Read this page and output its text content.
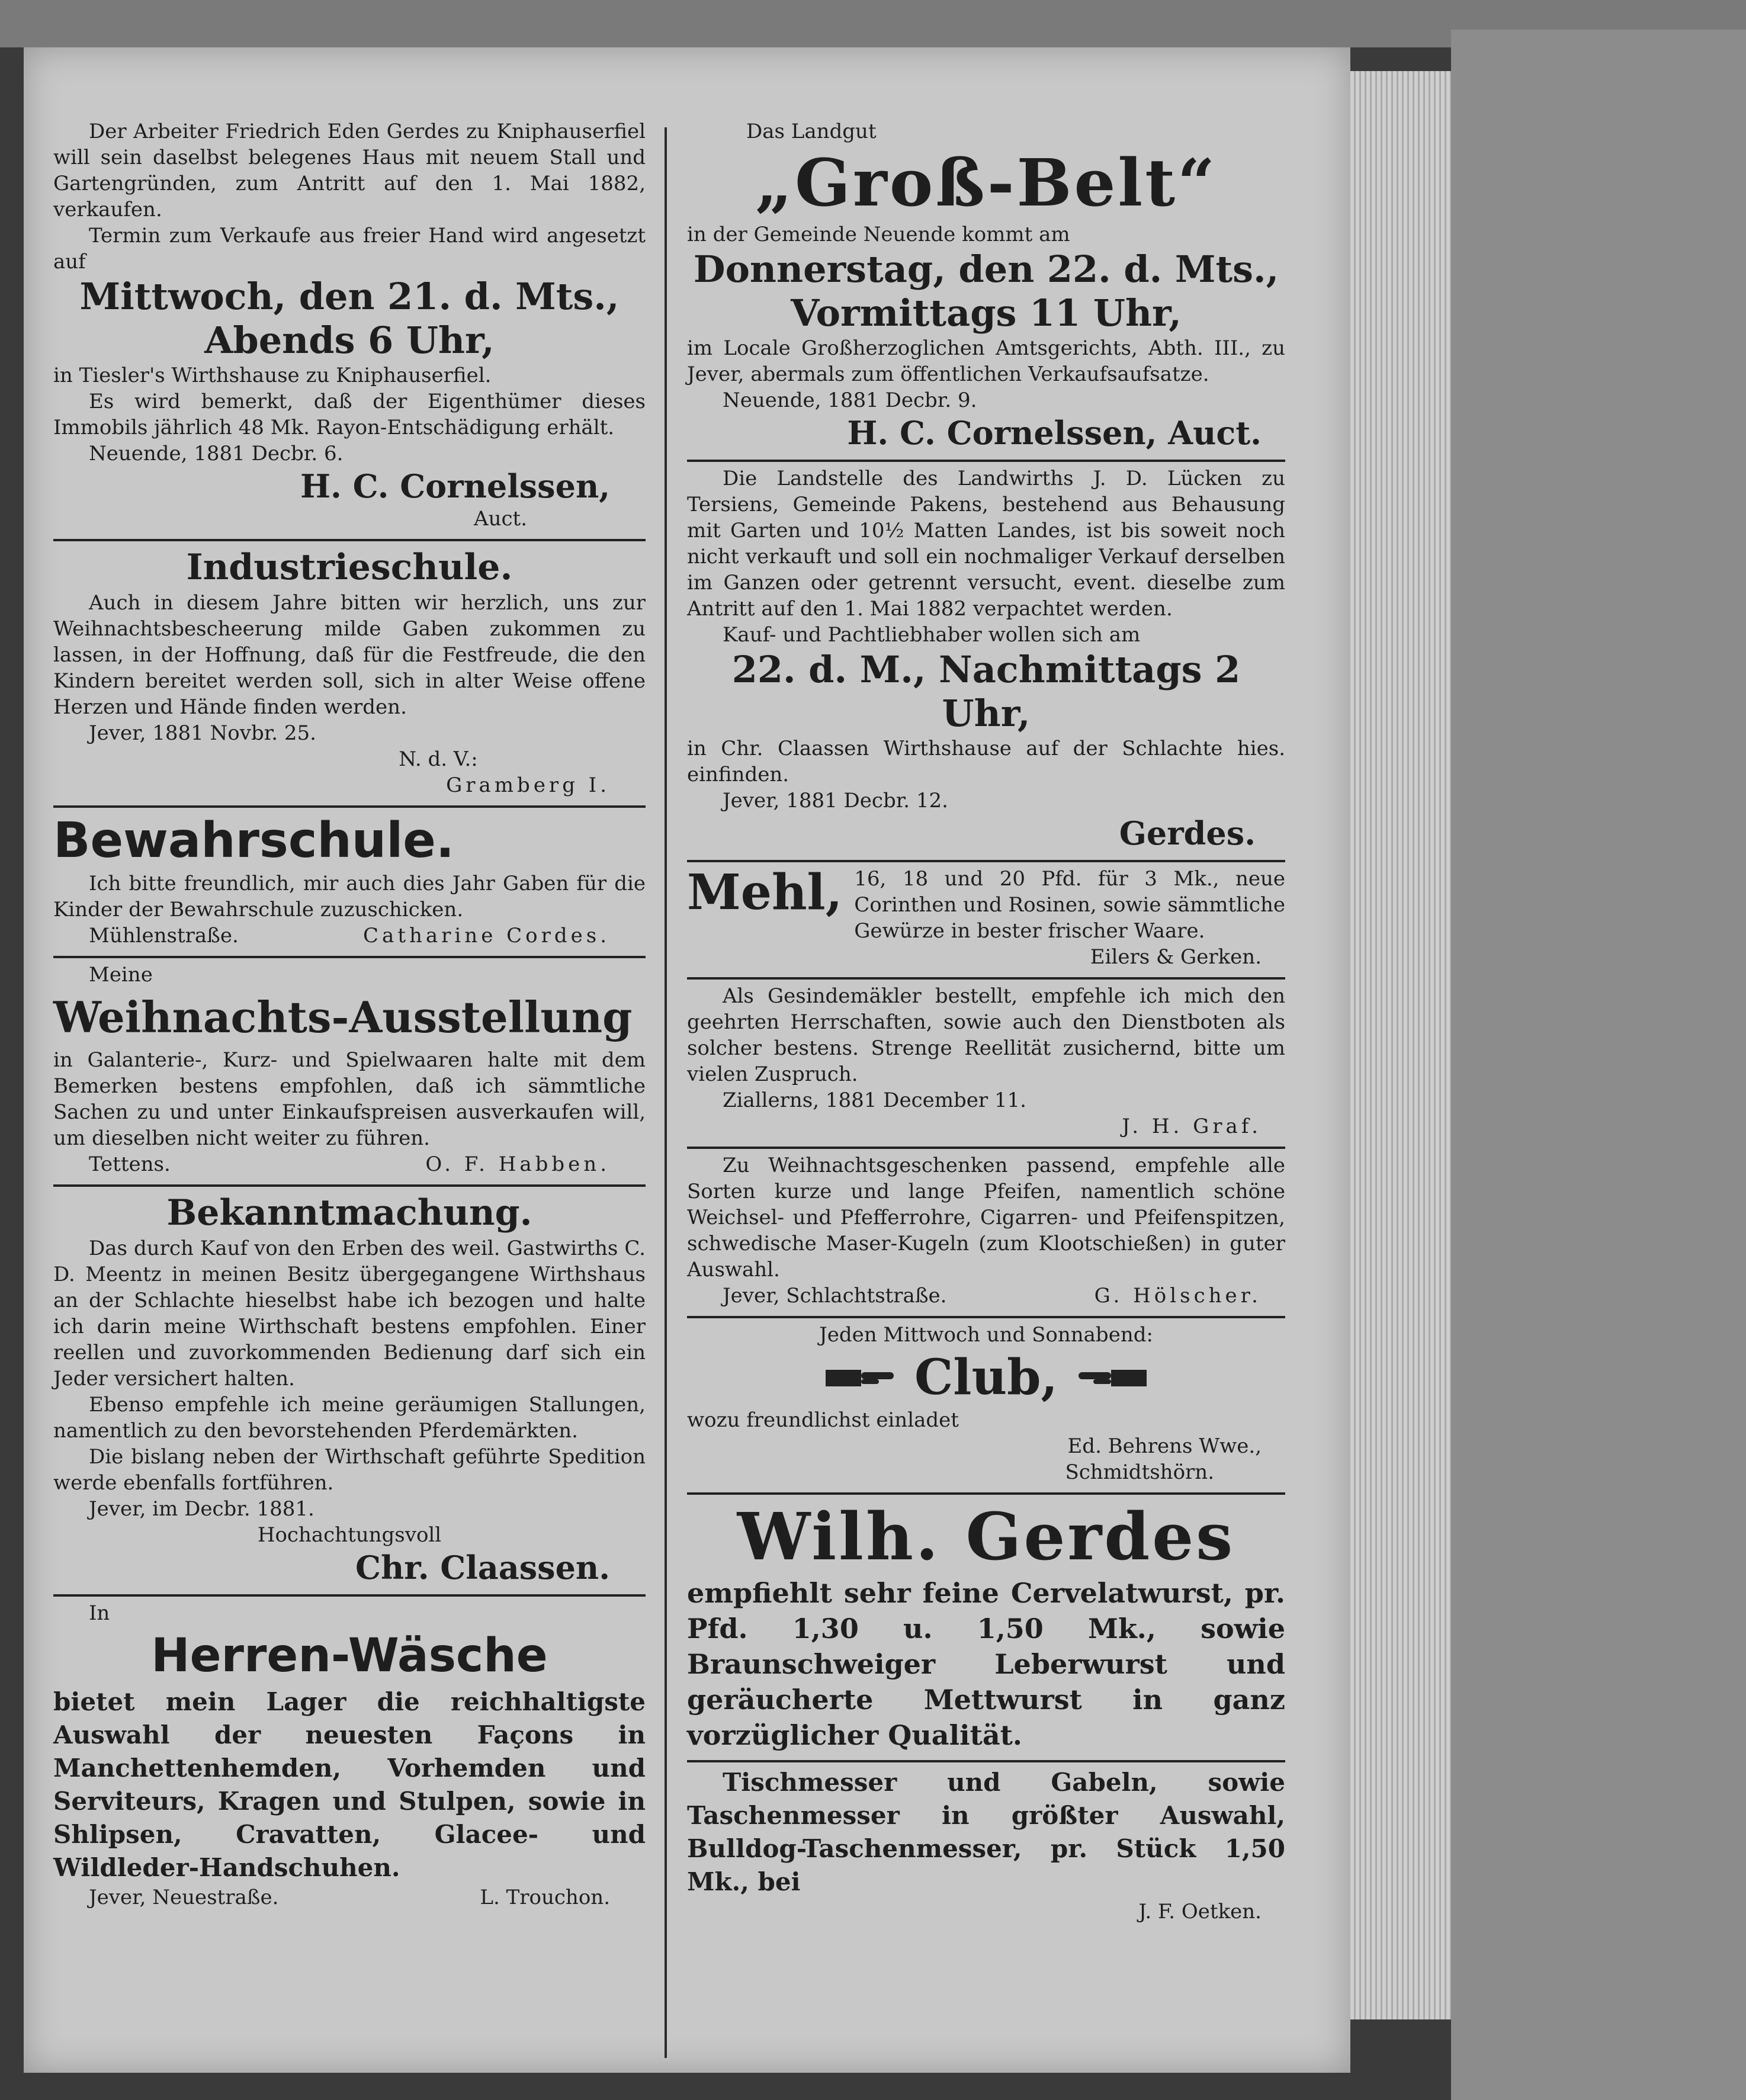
Der Arbeiter Friedrich Eden Gerdes zu Kniphauserfiel will sein daselbst belegenes Haus mit neuem Stall und Gartengründen, zum Antritt auf den 1. Mai 1882, verkaufen.

Termin zum Verkaufe aus freier Hand wird angesetzt auf

Mittwoch, den 21. d. Mts.,

Abends 6 Uhr,

in Tiesler's Wirthshause zu Kniphauserfiel.

Es wird bemerkt, daß der Eigenthümer dieses Immobils jährlich 48 Mk. Rayon-Entschädigung erhält.

Neuende, 1881 Decbr. 6.

H. C. Cornelssen,

Auct.

Industrieschule.

Auch in diesem Jahre bitten wir herzlich, uns zur Weihnachtsbescheerung milde Gaben zukommen zu lassen, in der Hoffnung, daß für die Festfreude, die den Kindern bereitet werden soll, sich in alter Weise offene Herzen und Hände finden werden.

Jever, 1881 Novbr. 25.

N. d. V.:

Gramberg I.

Bewahrschule.

Ich bitte freundlich, mir auch dies Jahr Gaben für die Kinder der Bewahrschule zuzuschicken.

Mühlenstraße.	Catharine Cordes.

Meine

Weihnachts-Ausstellung

in Galanterie-, Kurz- und Spielwaaren halte mit dem Bemerken bestens empfohlen, daß ich sämmtliche Sachen zu und unter Einkaufspreisen ausverkaufen will, um dieselben nicht weiter zu führen.

Tettens.	O. F. Habben.

Bekanntmachung.

Das durch Kauf von den Erben des weil. Gastwirths C. D. Meentz in meinen Besitz übergegangene Wirthshaus an der Schlachte hieselbst habe ich bezogen und halte ich darin meine Wirthschaft bestens empfohlen. Einer reellen und zuvorkommenden Bedienung darf sich ein Jeder versichert halten.

Ebenso empfehle ich meine geräumigen Stallungen, namentlich zu den bevorstehenden Pferdemärkten.

Die bislang neben der Wirthschaft geführte Spedition werde ebenfalls fortführen.

Jever, im Decbr. 1881.

Hochachtungsvoll

Chr. Claassen.

In

Herren-Wäsche

bietet mein Lager die reichhaltigste Auswahl der neuesten Façons in Manchettenhemden, Vorhemden und Serviteurs, Kragen und Stulpen, sowie in Shlipsen, Cravatten, Glacee- und Wildleder-Handschuhen.

Jever, Neuestraße.	L. Trouchon.

Das Landgut

„Groß-Belt“

in der Gemeinde Neuende kommt am

Donnerstag, den 22. d. Mts.,

Vormittags 11 Uhr,

im Locale Großherzoglichen Amtsgerichts, Abth. III., zu Jever, abermals zum öffentlichen Verkaufsaufsatze.

Neuende, 1881 Decbr. 9.

H. C. Cornelssen, Auct.

Die Landstelle des Landwirths J. D. Lücken zu Tersiens, Gemeinde Pakens, bestehend aus Behausung mit Garten und 10½ Matten Landes, ist bis soweit noch nicht verkauft und soll ein nochmaliger Verkauf derselben im Ganzen oder getrennt versucht, event. dieselbe zum Antritt auf den 1. Mai 1882 verpachtet werden.

Kauf- und Pachtliebhaber wollen sich am

22. d. M., Nachmittags 2 Uhr,

in Chr. Claassen Wirthshause auf der Schlachte hies. einfinden.

Jever, 1881 Decbr. 12.

Gerdes.

Mehl, 16, 18 und 20 Pfd. für 3 Mk., neue Corinthen und Rosinen, sowie sämmtliche Gewürze in bester frischer Waare.

Eilers & Gerken.

Als Gesindemäkler bestellt, empfehle ich mich den geehrten Herrschaften, sowie auch den Dienstboten als solcher bestens. Strenge Reellität zusichernd, bitte um vielen Zuspruch.

Ziallerns, 1881 December 11.

J. H. Graf.

Zu Weihnachtsgeschenken passend, empfehle alle Sorten kurze und lange Pfeifen, namentlich schöne Weichsel- und Pfefferrohre, Cigarren- und Pfeifenspitzen, schwedische Maser-Kugeln (zum Klootschießen) in guter Auswahl.

Jever, Schlachtstraße.	G. Hölscher.

Jeden Mittwoch und Sonnabend:

Club,

wozu freundlichst einladet

Ed. Behrens Wwe.,

Schmidtshörn.

Wilh. Gerdes

empfiehlt sehr feine Cervelatwurst, pr. Pfd. 1,30 u. 1,50 Mk., sowie Braunschweiger Leberwurst und geräucherte Mettwurst in ganz vorzüglicher Qualität.

Tischmesser und Gabeln, sowie Taschenmesser in größter Auswahl, Bulldog-Taschenmesser, pr. Stück 1,50 Mk., bei

J. F. Oetken.
